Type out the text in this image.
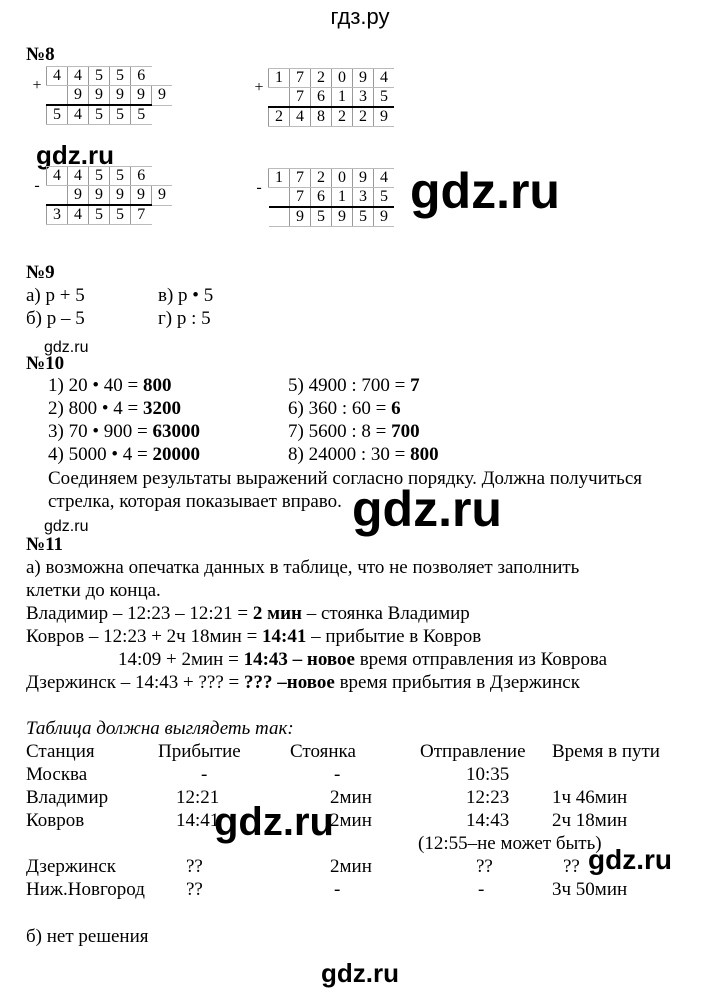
гдз.ру
№8
+	4	4	5	5	6	
		9	9	9	9	9
	5	4	5	5	5	
+	1	7	2	0	9	4
		7	6	1	3	5
	2	4	8	2	2	9
gdz.ru
-	4	4	5	5	6	
		9	9	9	9	9
	3	4	5	5	7	
-	1	7	2	0	9	4
		7	6	1	3	5
		9	5	9	5	9 gdz.ru
№9
а) р + 5	в) р • 5
б) р – 5	г) р : 5
gdz.ru
№10
1) 20 • 40 = 800
2) 800 • 4 = 3200
3) 70 • 900 = 63000
4) 5000 • 4 = 20000
5) 4900 : 700 = 7
6) 360 : 60 = 6
7) 5600 : 8 = 700
8) 24000 : 30 = 800
Соединяем результаты выражений согласно порядку. Должна получиться
стрелка, которая показывает вправо. gdz.ru
gdz.ru
№11
а) возможна опечатка данных в таблице, что не позволяет заполнить
клетки до конца.
Владимир – 12:23 – 12:21 = 2 мин – стоянка Владимир
Ковров – 12:23 + 2ч 18мин = 14:41 – прибытие в Ковров
14:09 + 2мин = 14:43 – новое время отправления из Коврова
Дзержинск – 14:43 + ??? = ??? –новое время прибытия в Дзержинск
Таблица должна выглядеть так:
Станция	Прибытие	Стоянка	Отправление Время в пути
Москва	-	-	10:35
Владимир	12:21	2мин	12:23 1ч 46мин
Ковров	14:41	2мин	14:43 2ч 18мин
(12:55–не может быть)
Дзержинск	??	2мин	??	??
Ниж.Новгород ??	-	-	3ч 50мин
gdz.ru
gdz.ru
б) нет решения
gdz.ru
